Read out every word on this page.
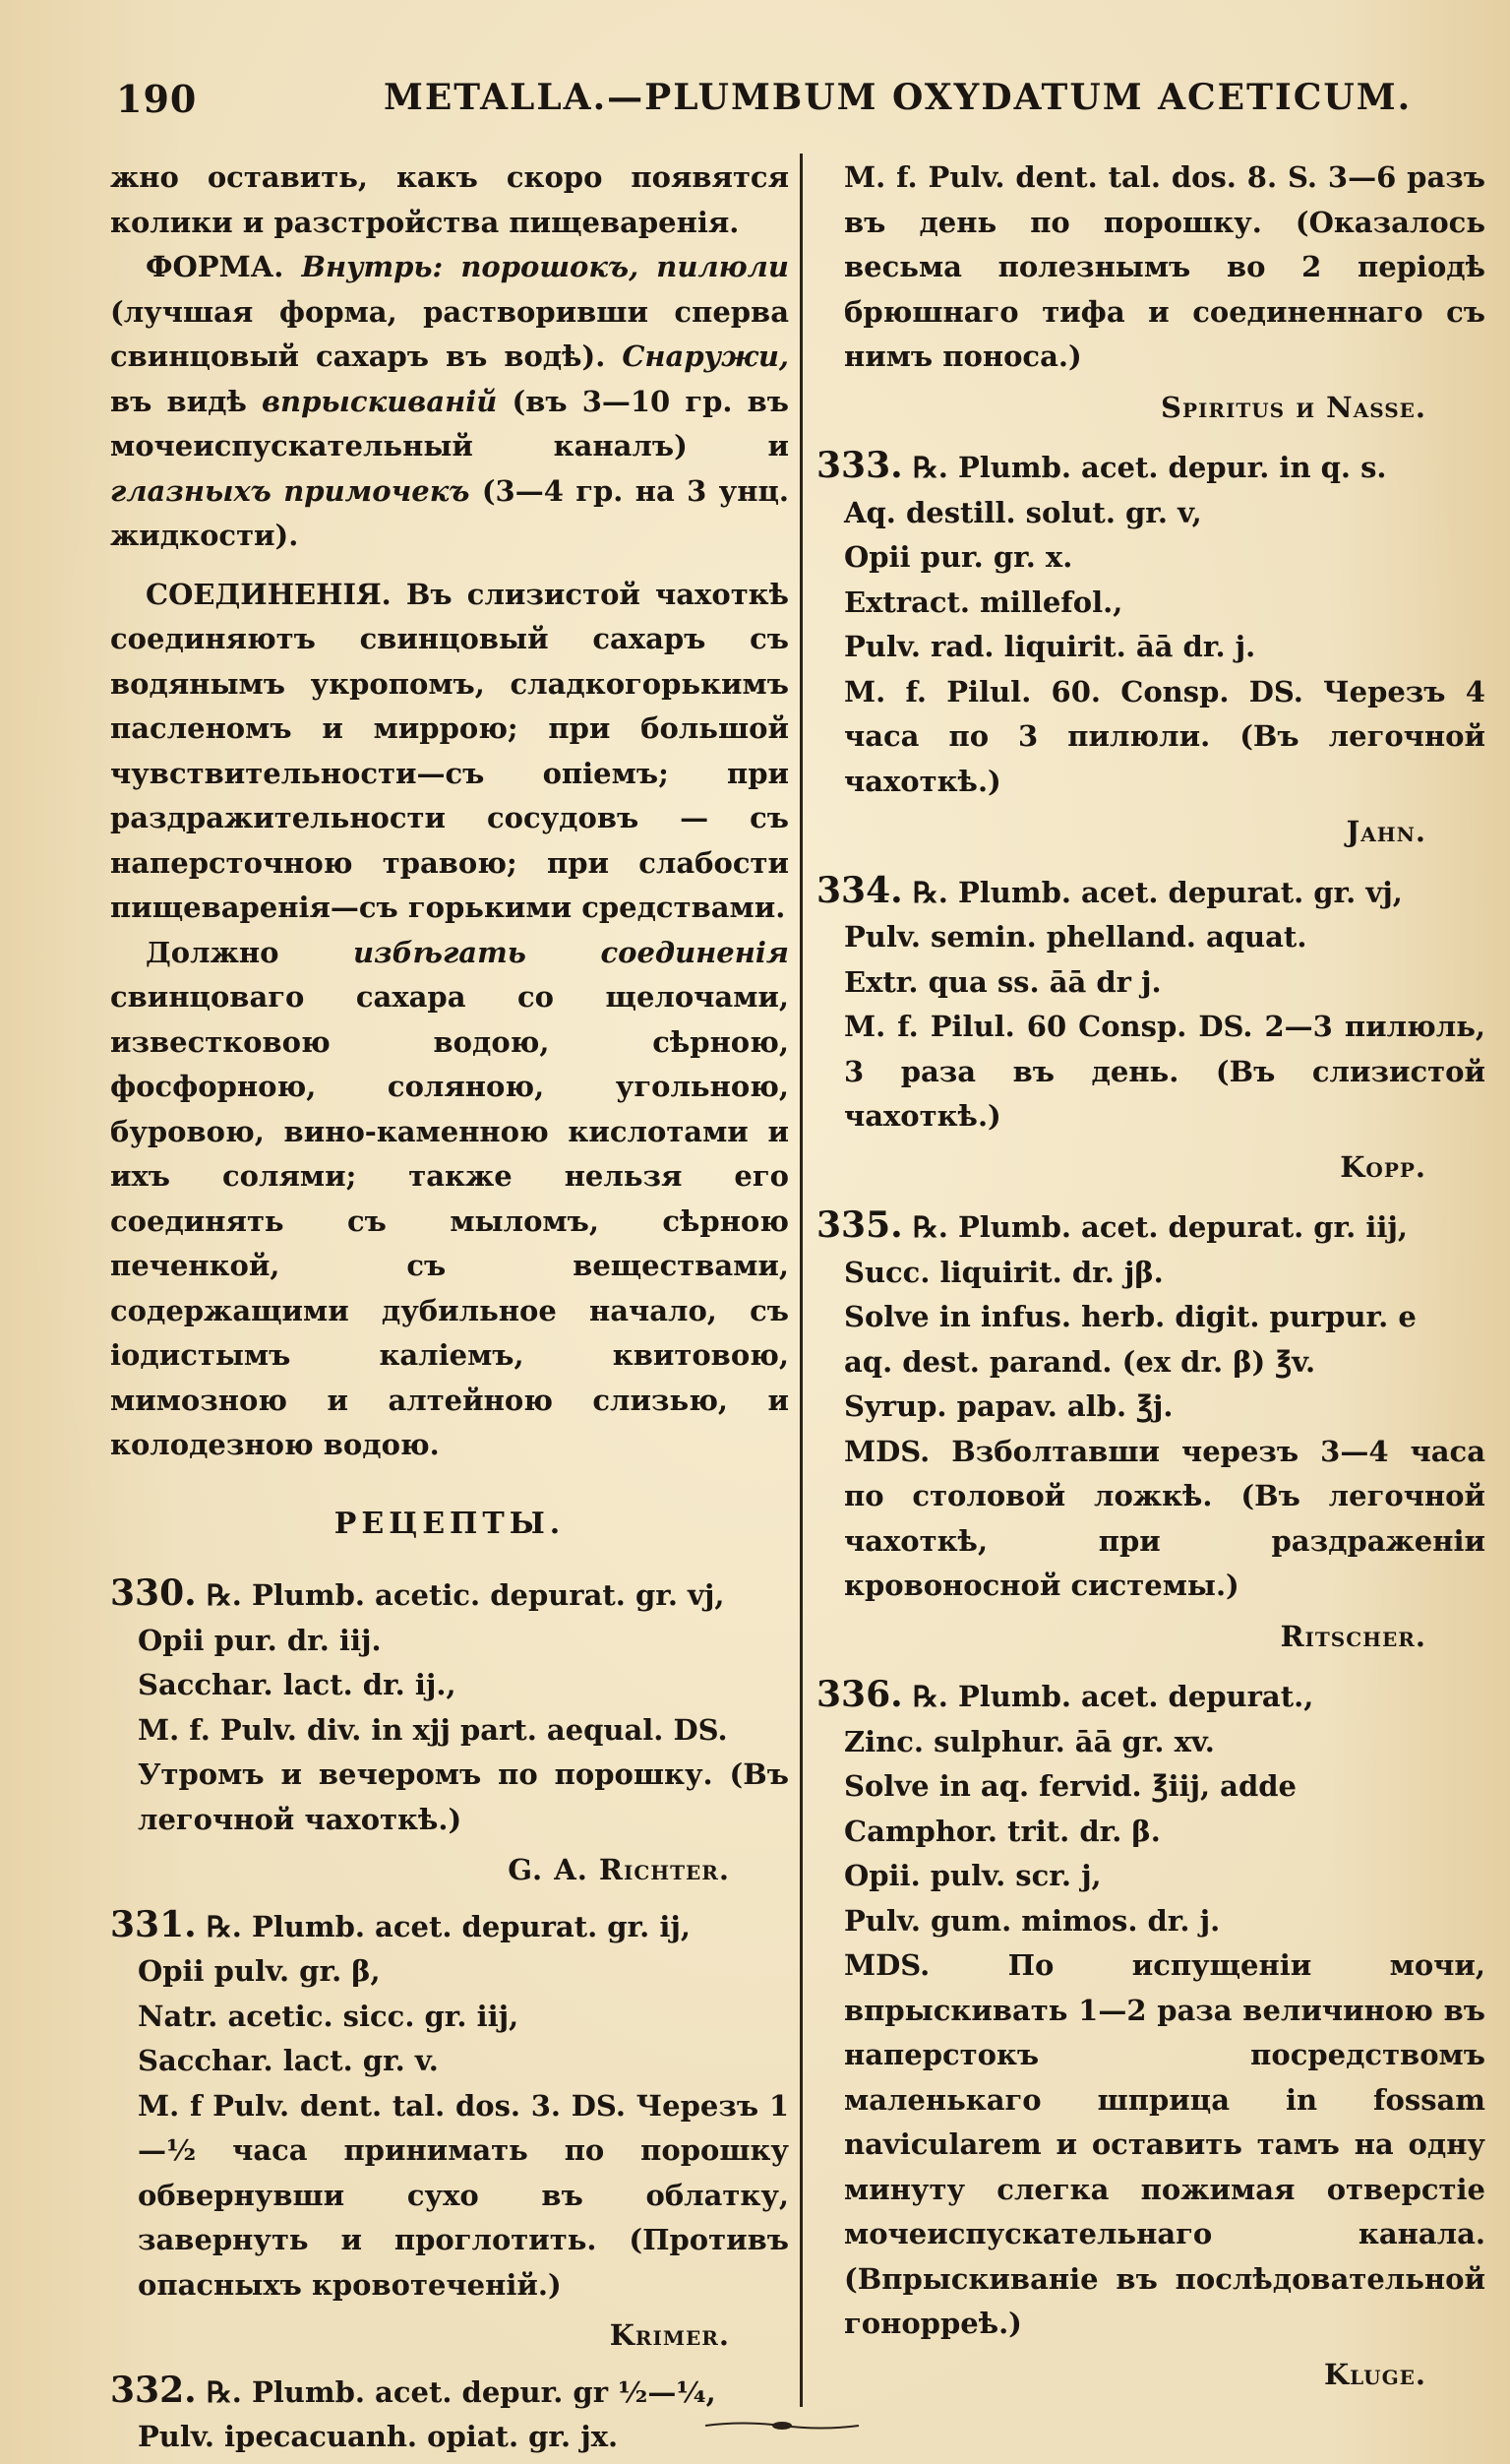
190	METALLA.—PLUMBUM OXYDATUM ACETICUM.

жно оставить, какъ скоро появятся колики и разстройства пищеваренія.

ФОРМА. Внутрь: порошокъ, пилюли (лучшая форма, растворивши сперва свинцовый сахаръ въ водѣ). Снаружи, въ видѣ впрыскиваній (въ 3—10 гр. въ мочеиспускательный каналъ) и глазныхъ примочекъ (3—4 гр. на 3 унц. жидкости).

СОЕДИНЕНІЯ. Въ слизистой чахоткѣ соединяютъ свинцовый сахаръ съ водянымъ укропомъ, сладкогорькимъ пасленомъ и миррою; при большой чувствительности—съ опiемъ; при раздражительности сосудовъ — съ наперсточною травою; при слабости пищеваренія—съ горькими средствами.

Должно	избѣгать соединенія свинцоваго сахара со щелочами, известковою водою, сѣрною, фосфорною, соляною, угольною, буровою, вино-каменною кислотами и ихъ солями; также нельзя его соединять съ мыломъ, сѣрною печенкой, съ веществами, содержащими дубильное начало, съ іодистымъ каліемъ, квитовою, мимозною и алтейною слизью, и колодезною водою.

РЕЦЕПТЫ.

330. ℞. Plumb. acetic. depurat. gr. vj,

Opii pur. dr. iij.

Sacchar. lact. dr. ij.,

M. f. Pulv. div. in xjj part. aequal. DS.

Утромъ и вечеромъ по порошку. (Въ легочной чахоткѣ.)

G. A. Richter.

331. ℞. Plumb. acet. depurat. gr. ij,

Opii pulv. gr. β,

Natr. acetic. sicc. gr. iij,

Sacchar. lact. gr. v.

M. f Pulv. dent. tal. dos. 3. DS. Черезъ 1—½ часа принимать по порошку обвернувши сухо въ облатку, завернуть и проглотить. (Противъ опасныхъ кровотеченій.)

Krimer.

332. ℞. Plumb. acet. depur. gr ½—¼,

Pulv. ipecacuanh. opiat. gr. jx.

M. f. Pulv. dent. tal. dos. 8. S. 3—6 разъ въ день по порошку. (Оказалось весьма полезнымъ во 2 періодѣ брюшнаго тифа и соединеннаго съ нимъ поноса.)

Spiritus и Nasse.

333. ℞. Plumb. acet. depur. in q. s.

Aq. destill. solut. gr. v,

Opii pur. gr. x.

Extract. millefol.,

Pulv. rad. liquirit. āā dr. j.

M. f. Pilul. 60. Consp. DS. Черезъ 4 часа по 3 пилюли. (Въ легочной чахоткѣ.)

Jahn.

334. ℞. Plumb. acet. depurat. gr. vj,

Pulv. semin. phelland. aquat.

Extr. qua ss. āā dr j.

M. f. Pilul. 60 Consp. DS. 2—3 пилюль, 3 раза въ день. (Въ слизистой чахоткѣ.)

Kopp.

335. ℞. Plumb. acet. depurat. gr. iij,

Succ. liquirit. dr. jβ.

Solve in infus. herb. digit. purpur. e

aq. dest. parand. (ex dr. β) ℥v.

Syrup. papav. alb. ℥j.

MDS. Взболтавши черезъ 3—4 часа по столовой ложкѣ. (Въ легочной чахоткѣ, при раздраженіи кровоносной системы.)

Ritscher.

336. ℞. Plumb. acet. depurat.,

Zinc. sulphur. āā gr. xv.

Solve in aq. fervid. ℥iij, adde

Camphor. trit. dr. β.

Opii. pulv. scr. j,

Pulv. gum. mimos. dr. j.

MDS. По испущеніи мочи, впрыскивать 1—2 раза величиною въ наперстокъ посредствомъ маленькаго шприца in fossam navicularem и оставить тамъ на одну минуту слегка пожимая отверстіе мочеиспускательнаго канала. (Впрыскиваніе въ послѣдовательной гонорреѣ.)

Kluge.
